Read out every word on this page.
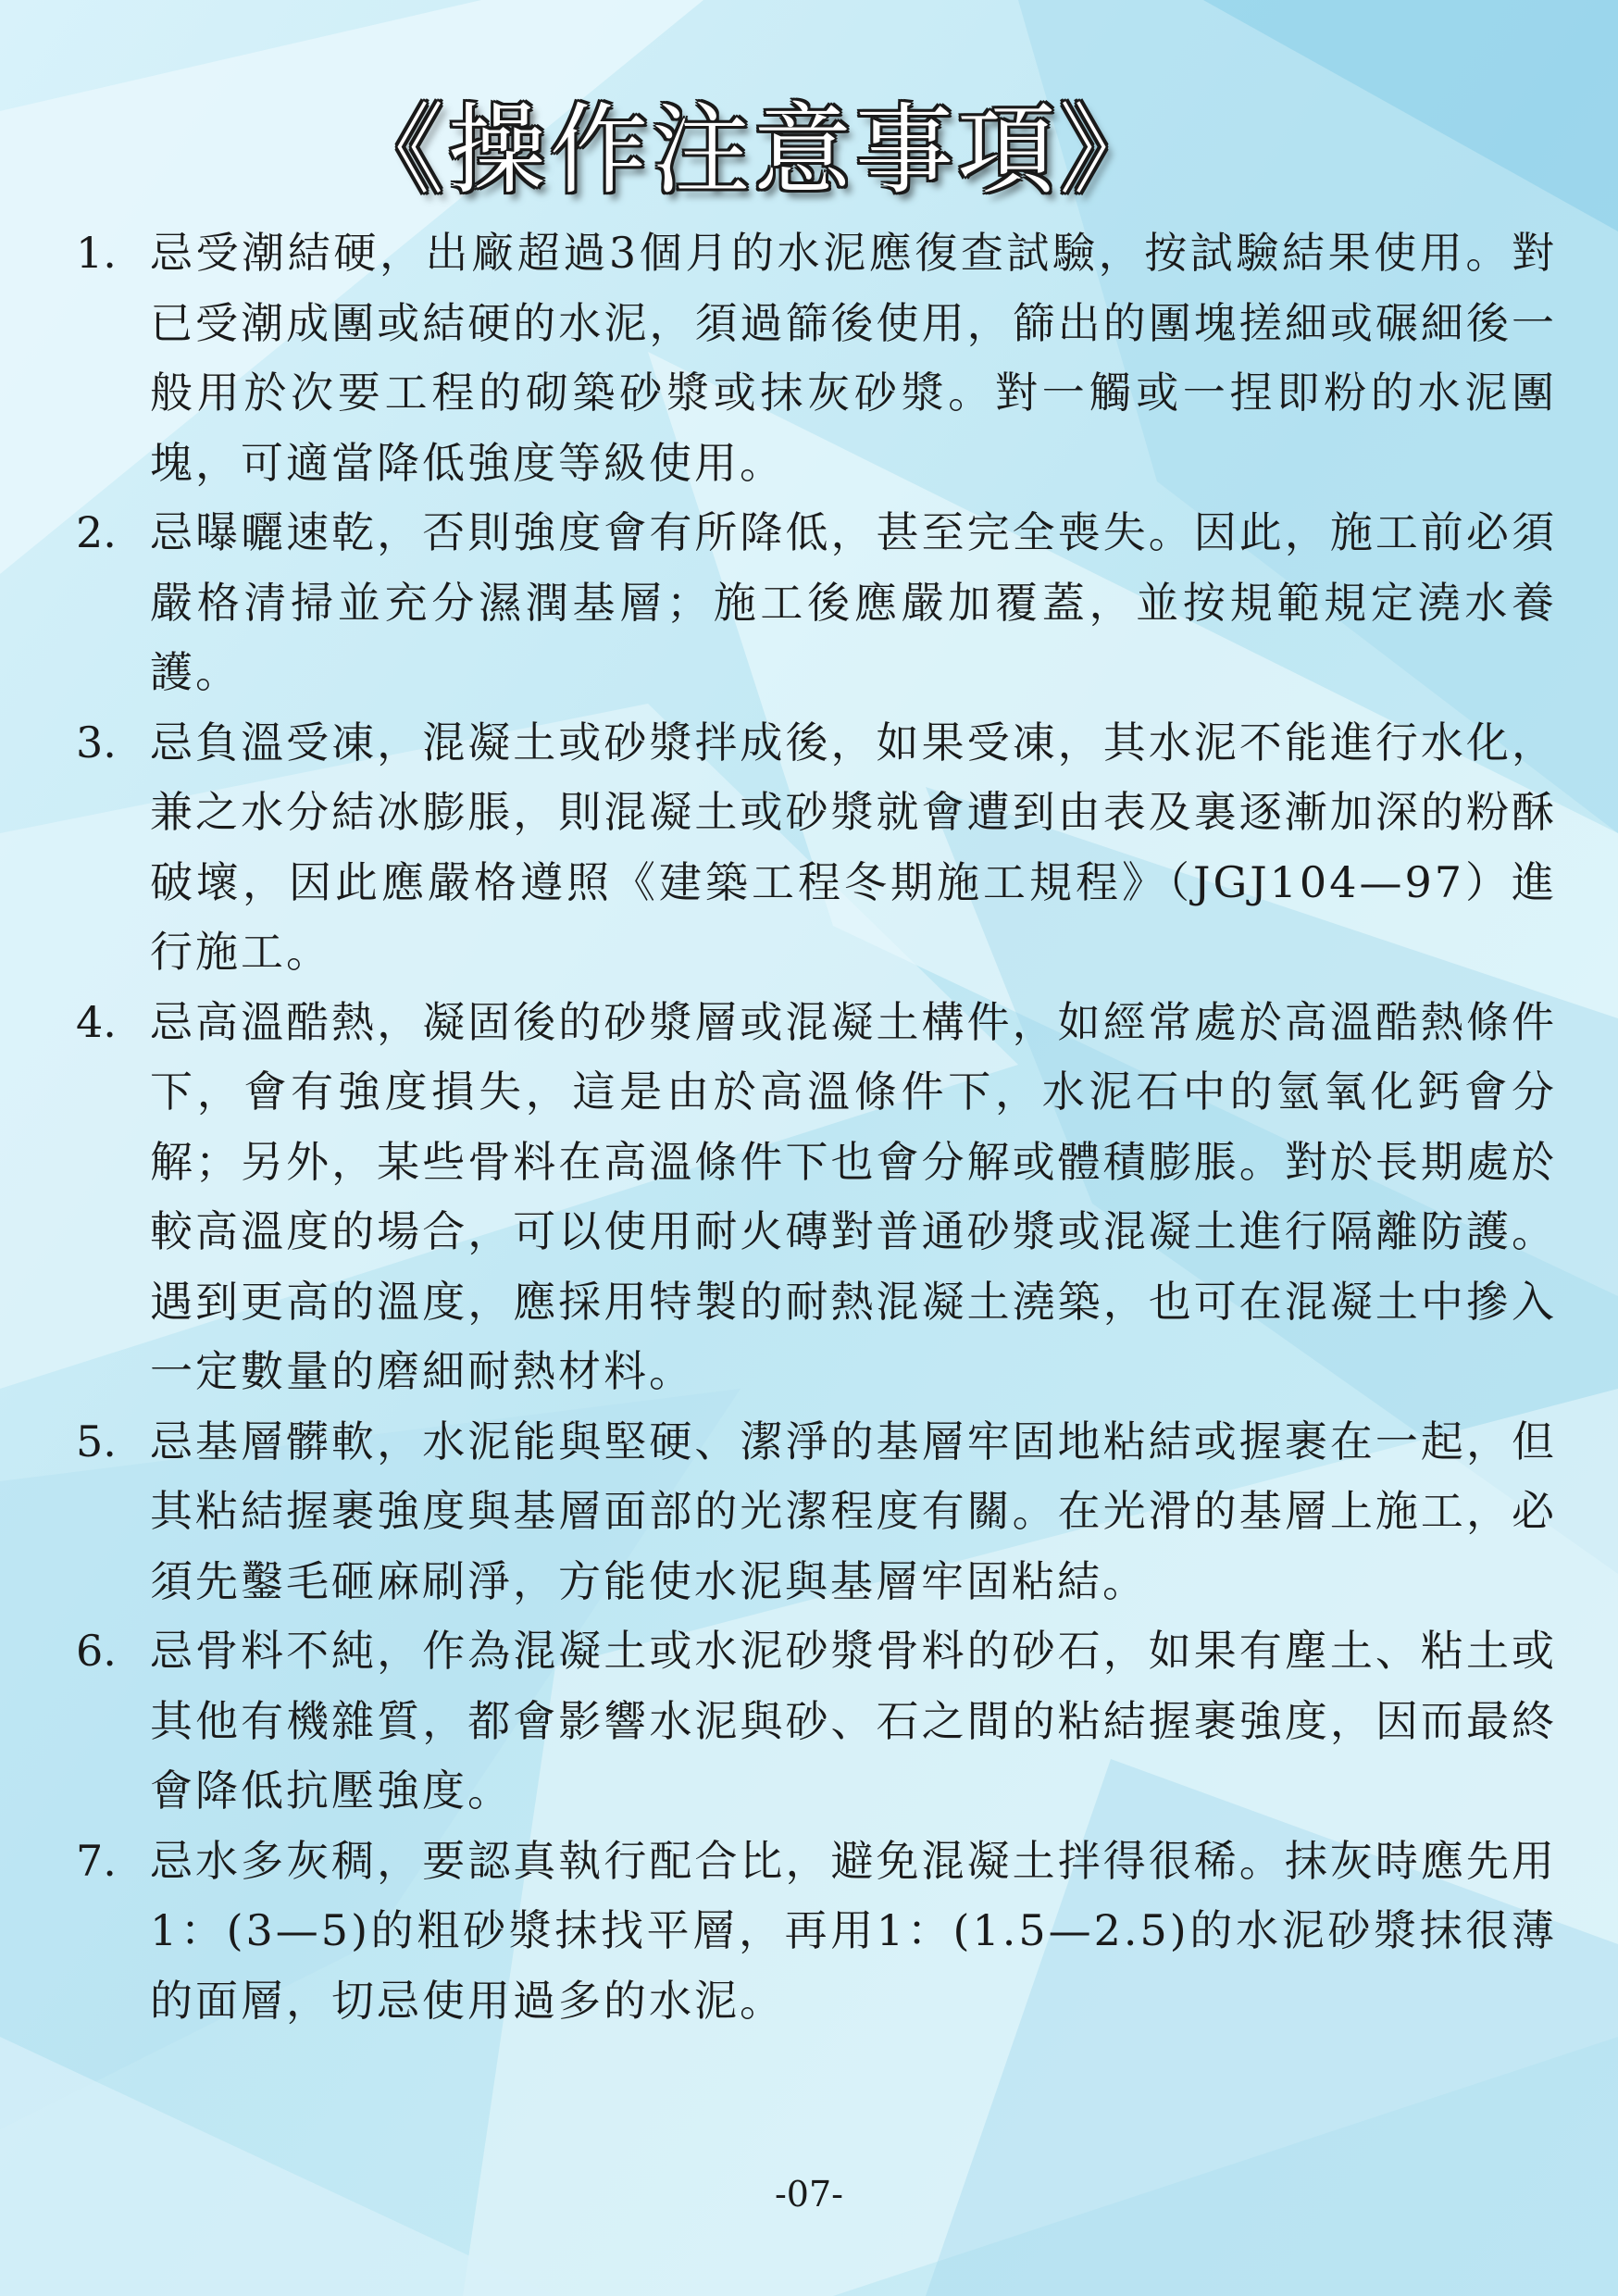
《操作注意事項》
1. 忌受潮結硬，出廠超過3個月的水泥應復查試驗，按試驗結果使用。對已受潮成團或結硬的水泥，須過篩後使用，篩出的團塊搓細或碾細後一般用於次要工程的砌築砂漿或抹灰砂漿。對一觸或一捏即粉的水泥團塊，可適當降低強度等級使用。
2. 忌曝曬速乾，否則強度會有所降低，甚至完全喪失。因此，施工前必須嚴格清掃並充分濕潤基層；施工後應嚴加覆蓋，並按規範規定澆水養護。
3. 忌負溫受凍，混凝土或砂漿拌成後，如果受凍，其水泥不能進行水化，兼之水分結冰膨脹，則混凝土或砂漿就會遭到由表及裏逐漸加深的粉酥破壞，因此應嚴格遵照《建築工程冬期施工規程》（JGJ104—97）進行施工。
4. 忌高溫酷熱，凝固後的砂漿層或混凝土構件，如經常處於高溫酷熱條件下，會有強度損失，這是由於高溫條件下，水泥石中的氫氧化鈣會分解；另外，某些骨料在高溫條件下也會分解或體積膨脹。對於長期處於較高溫度的場合，可以使用耐火磚對普通砂漿或混凝土進行隔離防護。遇到更高的溫度，應採用特製的耐熱混凝土澆築，也可在混凝土中摻入一定數量的磨細耐熱材料。
5. 忌基層髒軟，水泥能與堅硬、潔淨的基層牢固地粘結或握裹在一起，但其粘結握裹強度與基層面部的光潔程度有關。在光滑的基層上施工，必須先鑿毛砸麻刷淨，方能使水泥與基層牢固粘結。
6. 忌骨料不純，作為混凝土或水泥砂漿骨料的砂石，如果有塵土、粘土或其他有機雜質，都會影響水泥與砂、石之間的粘結握裹強度，因而最終會降低抗壓強度。
7. 忌水多灰稠，要認真執行配合比，避免混凝土拌得很稀。抹灰時應先用1：(3—5)的粗砂漿抹找平層，再用1：(1.5—2.5)的水泥砂漿抹很薄的面層，切忌使用過多的水泥。
-07-
